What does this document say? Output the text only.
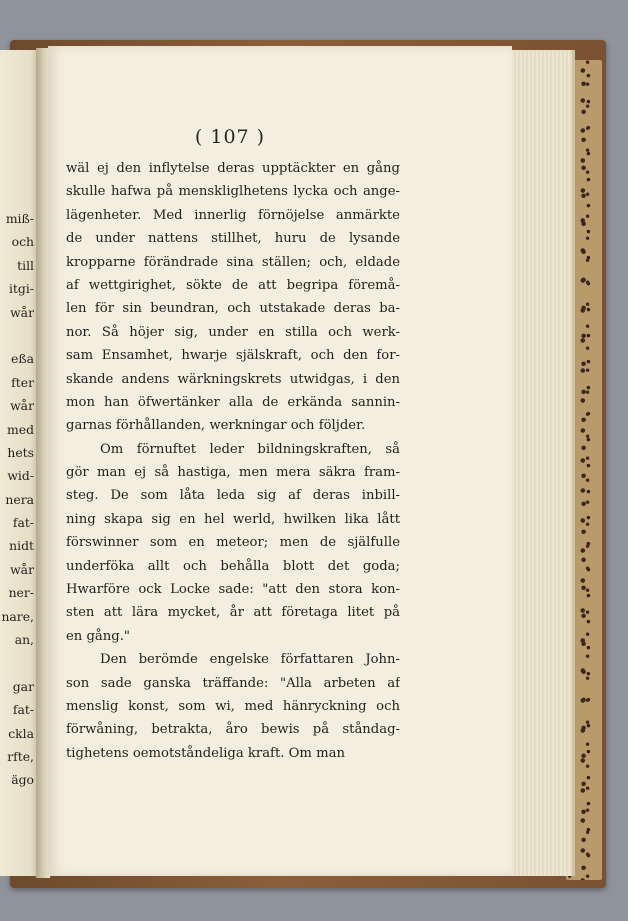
miß-
och
till
itgi-
wår
eßa
fter
wår
med
hets
wid-
nera
fat-
nidt
wår
ner-
nare,
an,
gar
fat-
ckla
rfte,
ägo
( 107 )
wäl ej den inflytelse deras upptäckter en gång
skulle hafwa på menskliglhetens lycka och ange-
lägenheter. Med innerlig förnöjelse anmärkte
de under nattens stillhet, huru de lysande
kropparne förändrade sina ställen; och, eldade
af wettgirighet, sökte de att begripa föremå-
len för sin beundran, och utstakade deras ba-
nor. Så höjer sig, under en stilla och werk-
sam Ensamhet, hwarje själskraft, och den for-
skande andens wärkningskrets utwidgas, i den
mon han öfwertänker alla de erkända sannin-
garnas förhållanden, werkningar och följder.
Om förnuftet leder bildningskraften, så
gör man ej så hastiga, men mera säkra fram-
steg. De som låta leda sig af deras inbill-
ning skapa sig en hel werld, hwilken lika lått
förswinner som en meteor; men de själfulle
underföka allt och behålla blott det goda;
Hwarföre ock Locke sade: "att den stora kon-
sten att lära mycket, år att företaga litet på
en gång."
Den berömde engelske författaren John-
son sade ganska träffande: "Alla arbeten af
menslig konst, som wi, med hänryckning och
förwåning, betrakta, åro bewis på ståndag-
tighetens oemotståndeliga kraft. Om man
